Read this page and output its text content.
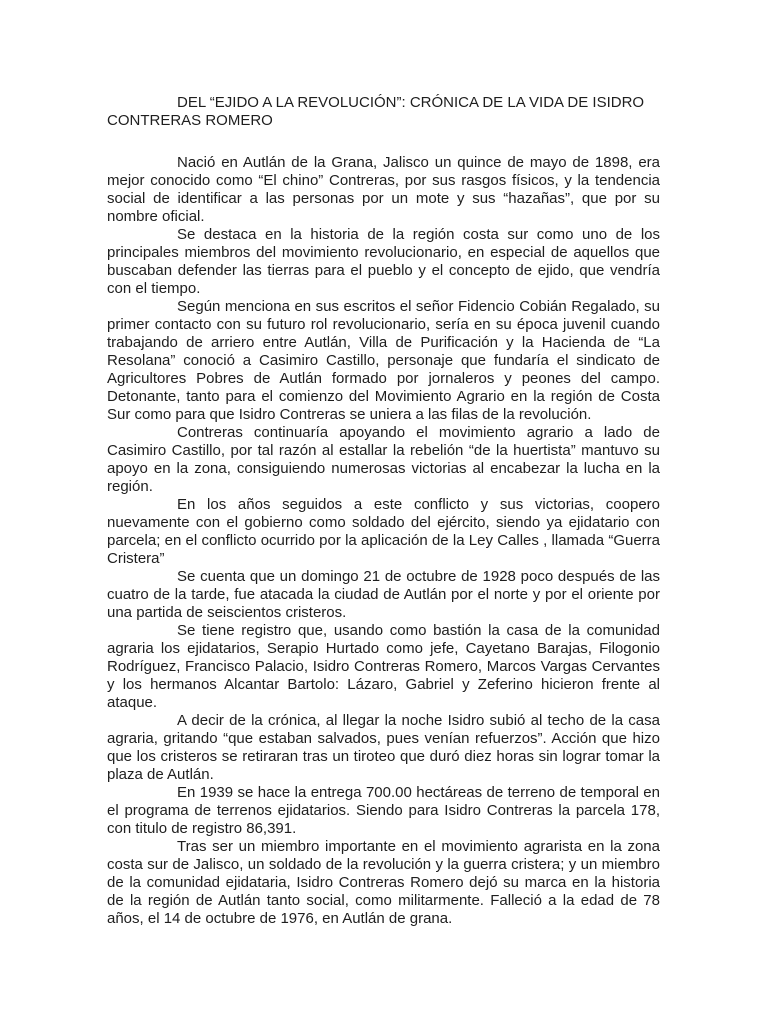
DEL “EJIDO A LA REVOLUCIÓN”: CRÓNICA DE LA VIDA DE ISIDRO CONTRERAS ROMERO

Nació en Autlán de la Grana, Jalisco un quince de mayo de 1898, era mejor conocido como “El chino” Contreras, por sus rasgos físicos, y la tendencia social de identificar a las personas por un mote y sus “hazañas”, que por su nombre oficial.

Se destaca en la historia de la región costa sur como uno de los principales miembros del movimiento revolucionario, en especial de aquellos que buscaban defender las tierras para el pueblo y el concepto de ejido, que vendría con el tiempo.

Según menciona en sus escritos el señor Fidencio Cobián Regalado, su primer contacto con su futuro rol revolucionario, sería en su época juvenil cuando trabajando de arriero entre Autlán, Villa de Purificación y la Hacienda de “La Resolana” conoció a Casimiro Castillo, personaje que fundaría el sindicato de Agricultores Pobres de Autlán formado por jornaleros y peones del campo. Detonante, tanto para el comienzo del Movimiento Agrario en la región de Costa Sur como para que Isidro Contreras se uniera a las filas de la revolución.

Contreras continuaría apoyando el movimiento agrario a lado de Casimiro Castillo, por tal razón al estallar la rebelión “de la huertista” mantuvo su apoyo en la zona, consiguiendo numerosas victorias al encabezar la lucha en la región.

En los años seguidos a este conflicto y sus victorias, coopero nuevamente con el gobierno como soldado del ejército, siendo ya ejidatario con parcela; en el conflicto ocurrido por la aplicación de la Ley Calles , llamada “Guerra Cristera”

Se cuenta que un domingo 21 de octubre de 1928 poco después de las cuatro de la tarde, fue atacada la ciudad de Autlán por el norte y por el oriente por una partida de seiscientos cristeros.

Se tiene registro que, usando como bastión la casa de la comunidad agraria los ejidatarios, Serapio Hurtado como jefe, Cayetano Barajas, Filogonio Rodríguez, Francisco Palacio, Isidro Contreras Romero, Marcos Vargas Cervantes y los hermanos Alcantar Bartolo: Lázaro, Gabriel y Zeferino hicieron frente al ataque.

A decir de la crónica, al llegar la noche Isidro subió al techo de la casa agraria, gritando “que estaban salvados, pues venían refuerzos”. Acción que hizo que los cristeros se retiraran tras un tiroteo que duró diez horas sin lograr tomar la plaza de Autlán.

En 1939 se hace la entrega 700.00 hectáreas de terreno de temporal en el programa de terrenos ejidatarios. Siendo para Isidro Contreras la parcela 178, con titulo de registro 86,391.

Tras ser un miembro importante en el movimiento agrarista en la zona costa sur de Jalisco, un soldado de la revolución y la guerra cristera; y un miembro de la comunidad ejidataria, Isidro Contreras Romero dejó su marca en la historia de la región de Autlán tanto social, como militarmente. Falleció a la edad de 78 años, el 14 de octubre de 1976, en Autlán de grana.
